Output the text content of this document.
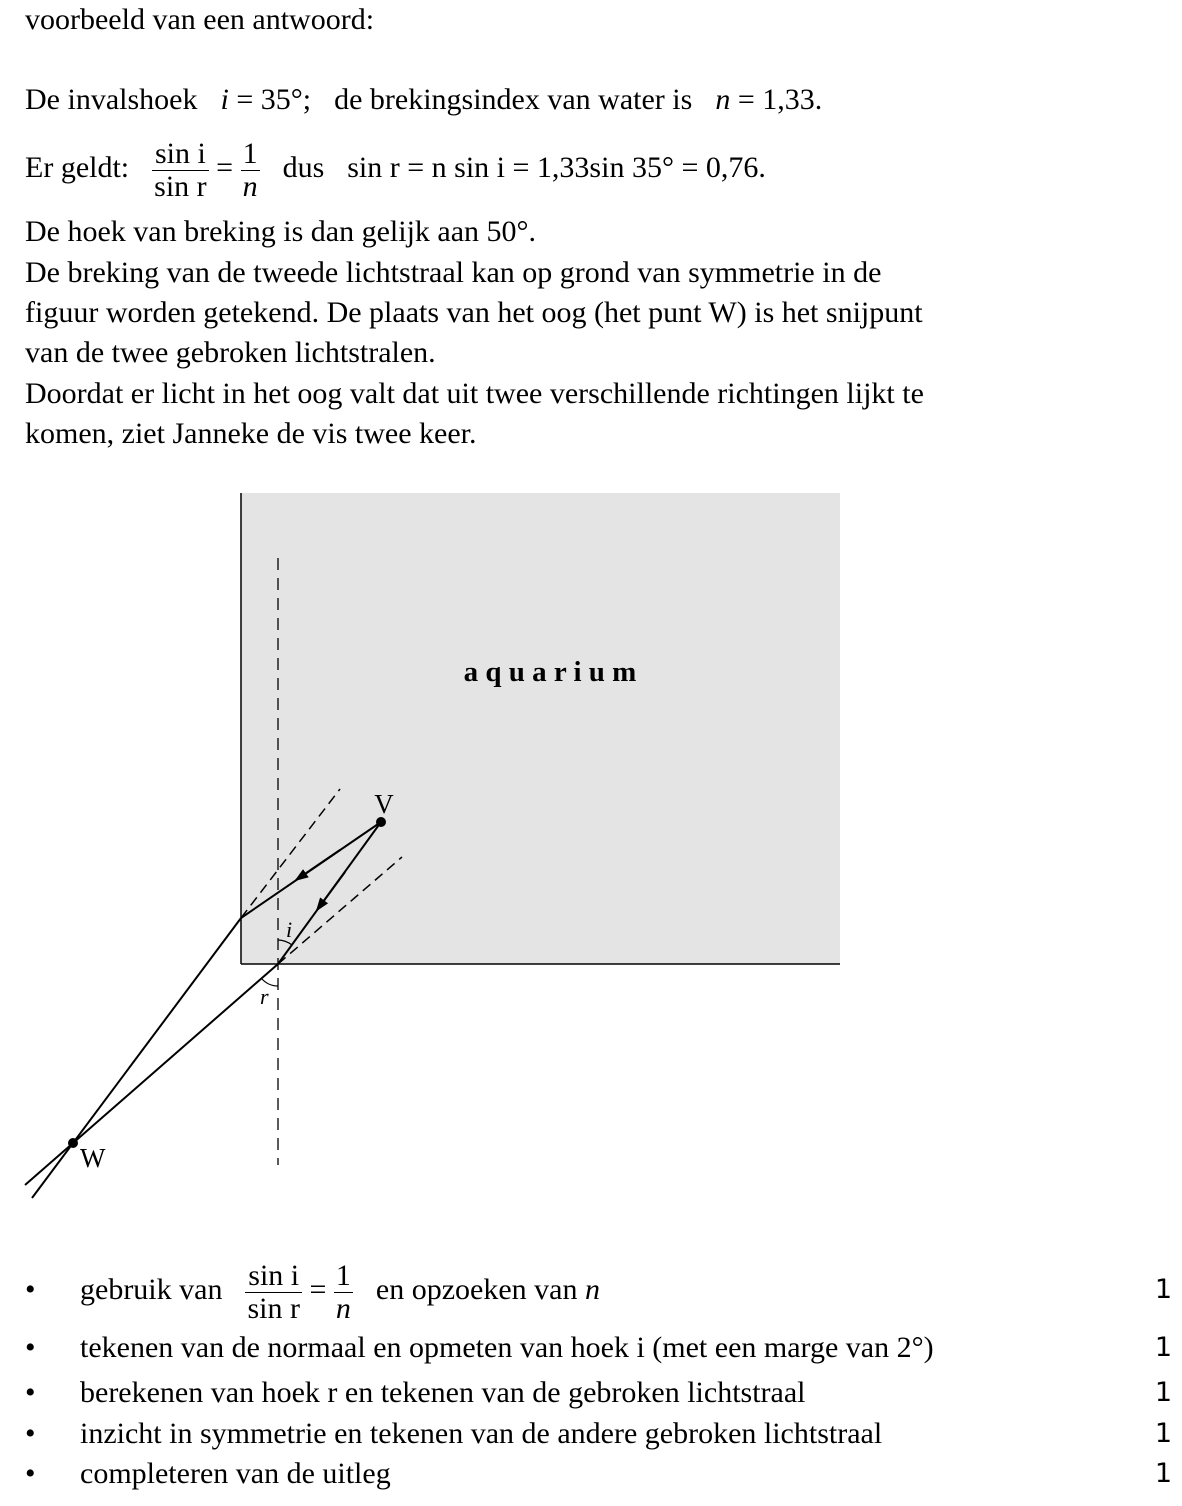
voorbeeld van een antwoord:
De invalshoek i = 35°; de brekingsindex van water is n = 1,33.
Er geldt: $\frac{\text{sin i}}{\text{sin r}} = \frac{1}{n}$ dus sin r = n sin i = 1,33sin 35° = 0,76.
De hoek van breking is dan gelijk aan 50°.
De breking van de tweede lichtstraal kan op grond van symmetrie in de
figuur worden getekend. De plaats van het oog (het punt W) is het snijpunt
van de twee gebroken lichtstralen.
Doordat er licht in het oog valt dat uit twee verschillende richtingen lijkt te
komen, ziet Janneke de vis twee keer.
V
W
i
r
a q u a r i u m
• gebruik van $\frac{\text{sin i}}{\text{sin r}} = \frac{1}{n}$ en opzoeken van n	1
• tekenen van de normaal en opmeten van hoek i (met een marge van 2°)	1
• berekenen van hoek r en tekenen van de gebroken lichtstraal	1
• inzicht in symmetrie en tekenen van de andere gebroken lichtstraal	1
• completeren van de uitleg	1
